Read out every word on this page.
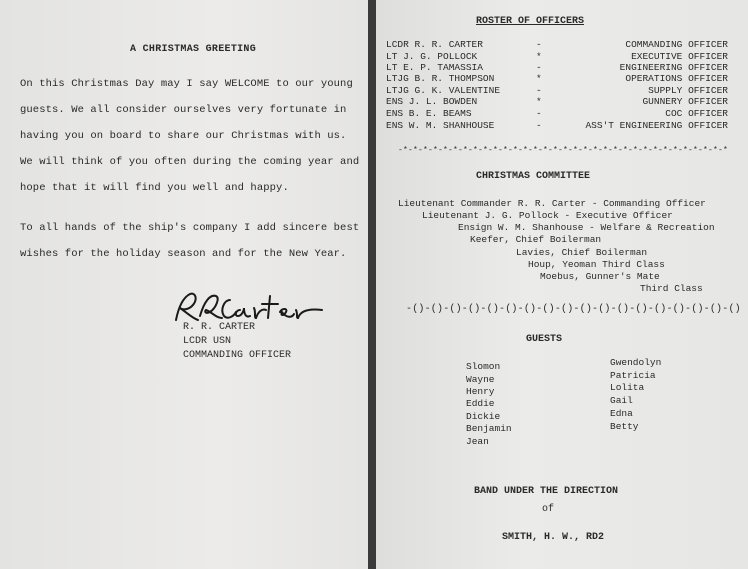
A CHRISTMAS GREETING
On this Christmas Day may I say WELCOME to our young
guests. We all consider ourselves very fortunate in
having you on board to share our Christmas with us.
We will think of you often during the coming year and
hope that it will find you well and happy.
To all hands of the ship's company I add sincere best
wishes for the holiday season and for the New Year.
R. R. CARTER
LCDR USN
COMMANDING OFFICER
ROSTER OF OFFICERS
LCDR R. R. CARTER	-	COMMANDING OFFICER
LT J. G. POLLOCK	*	EXECUTIVE OFFICER
LT E. P. TAMASSIA	-	ENGINEERING OFFICER
LTJG B. R. THOMPSON	*	OPERATIONS OFFICER
LTJG G. K. VALENTINE	-	SUPPLY OFFICER
ENS J. L. BOWDEN	*	GUNNERY OFFICER
ENS B. E. BEAMS	-	COC OFFICER
ENS W. M. SHANHOUSE	-	ASS'T ENGINEERING OFFICER
-*-*-*-*-*-*-*-*-*-*-*-*-*-*-*-*-*-*-*-*-*-*-*-*-*-*-*-*-*-*-*-*-*
CHRISTMAS COMMITTEE
Lieutenant Commander R. R. Carter - Commanding Officer
Lieutenant J. G. Pollock - Executive Officer
Ensign W. M. Shanhouse - Welfare & Recreation
Keefer, Chief Boilerman
Lavies, Chief Boilerman
Houp, Yeoman Third Class
Moebus, Gunner's Mate
Third Class
-()-()-()-()-()-()-()-()-()-()-()-()-()-()-()-()-()-()
GUESTS
Slomon
Wayne
Henry
Eddie
Dickie
Benjamin
Jean
Gwendolyn
Patricia
Lolita
Gail
Edna
Betty
BAND UNDER THE DIRECTION
of
SMITH, H. W., RD2
